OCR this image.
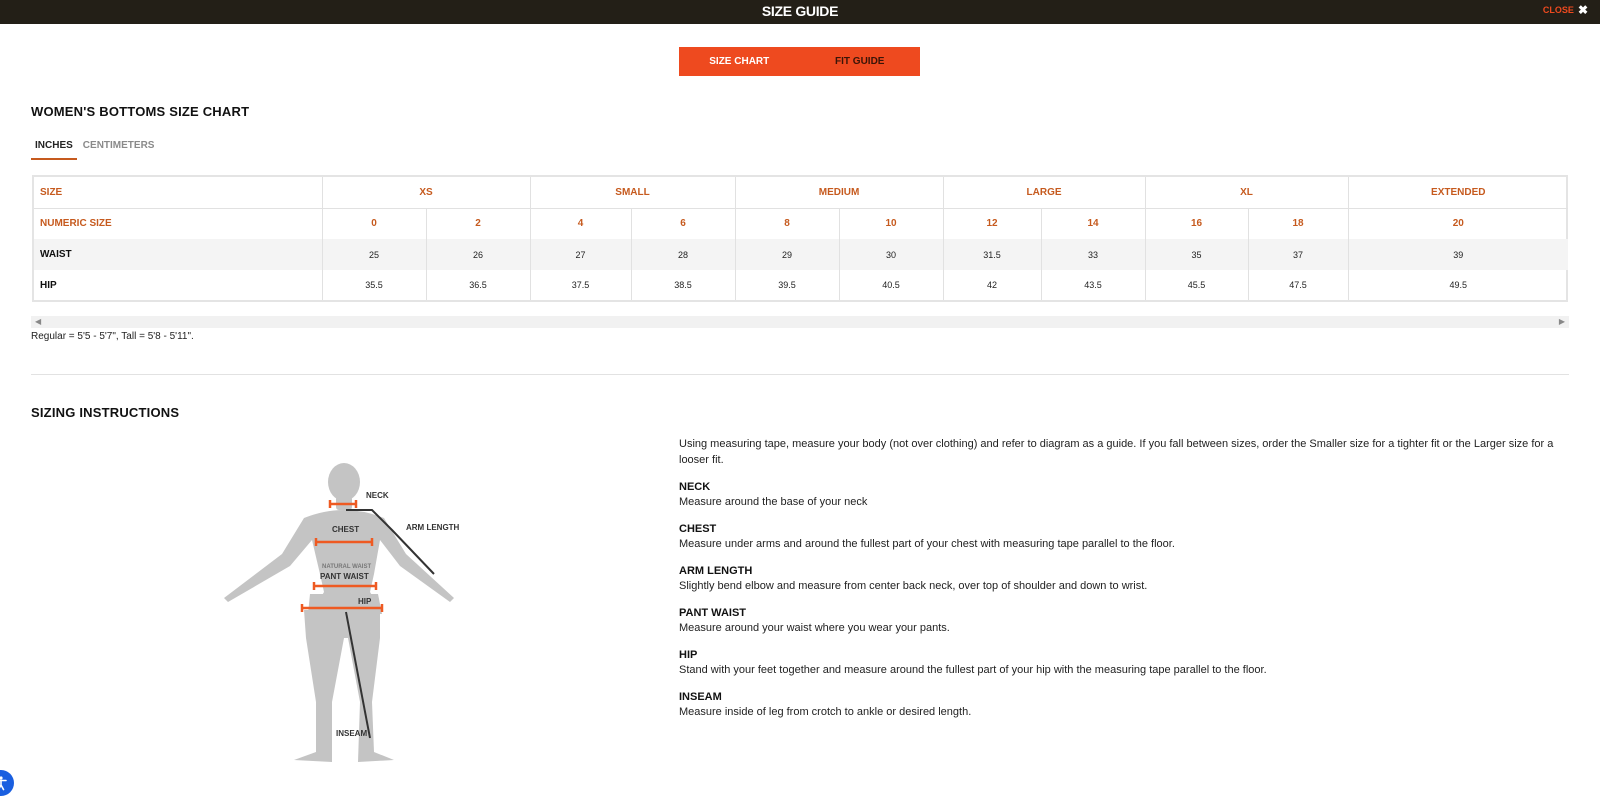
SIZE GUIDE	CLOSE ✖
SIZE CHART	FIT GUIDE
WOMEN'S BOTTOMS SIZE CHART
INCHES	CENTIMETERS
SIZE	XS		SMALL		MEDIUM		LARGE		XL		EXTENDED
NUMERIC SIZE	0	2	4	6	8	10	12	14	16	18	20
WAIST	25	26	27	28	29	30	31.5	33	35	37	39
HIP	35.5	36.5	37.5	38.5	39.5	40.5	42	43.5	45.5	47.5	49.5
◀	▶
Regular = 5'5 - 5'7", Tall = 5'8 - 5'11".
SIZING INSTRUCTIONS
NECK
ARM LENGTH
CHEST
NATURAL WAIST
PANT WAIST
HIP
INSEAM
Using measuring tape, measure your body (not over clothing) and refer to diagram as a guide. If you fall between sizes, order the Smaller size for a tighter fit or the Larger size for a looser fit.
NECK
Measure around the base of your neck
CHEST
Measure under arms and around the fullest part of your chest with measuring tape parallel to the floor.
ARM LENGTH
Slightly bend elbow and measure from center back neck, over top of shoulder and down to wrist.
PANT WAIST
Measure around your waist where you wear your pants.
HIP
Stand with your feet together and measure around the fullest part of your hip with the measuring tape parallel to the floor.
INSEAM
Measure inside of leg from crotch to ankle or desired length.
